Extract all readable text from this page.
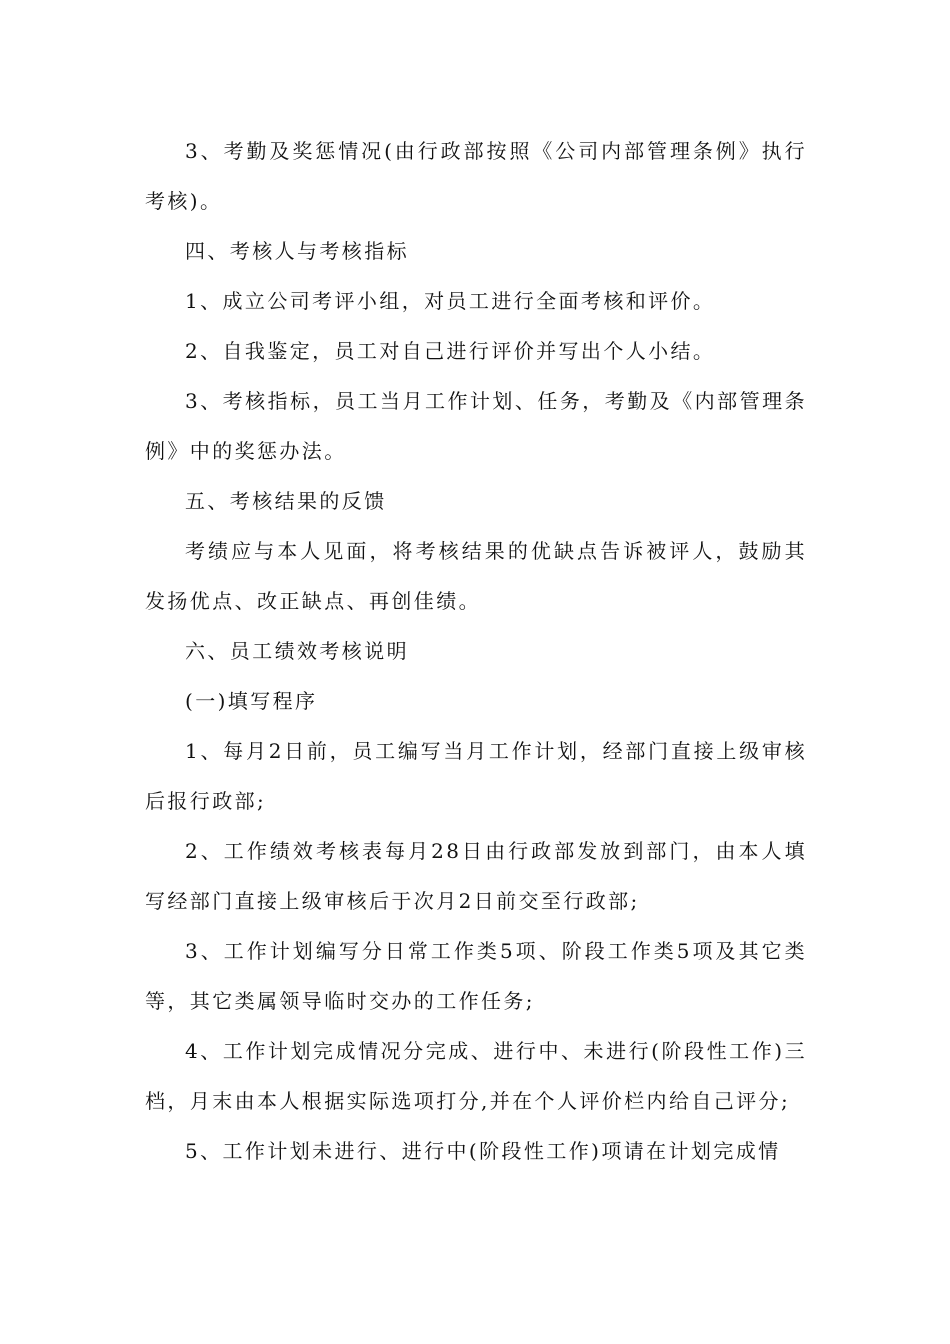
3、考勤及奖惩情况(由行政部按照《公司内部管理条例》执行考核)。

四、考核人与考核指标

1、成立公司考评小组，对员工进行全面考核和评价。

2、自我鉴定，员工对自己进行评价并写出个人小结。

3、考核指标，员工当月工作计划、任务，考勤及《内部管理条例》中的奖惩办法。

五、考核结果的反馈

考绩应与本人见面，将考核结果的优缺点告诉被评人，鼓励其发扬优点、改正缺点、再创佳绩。

六、员工绩效考核说明

(一)填写程序

1、每月2日前，员工编写当月工作计划，经部门直接上级审核后报行政部;

2、工作绩效考核表每月28日由行政部发放到部门，由本人填写经部门直接上级审核后于次月2日前交至行政部;

3、工作计划编写分日常工作类5项、阶段工作类5项及其它类等，其它类属领导临时交办的工作任务;

4、工作计划完成情况分完成、进行中、未进行(阶段性工作)三档，月末由本人根据实际选项打分,并在个人评价栏内给自己评分;

5、工作计划未进行、进行中(阶段性工作)项请在计划完成情
